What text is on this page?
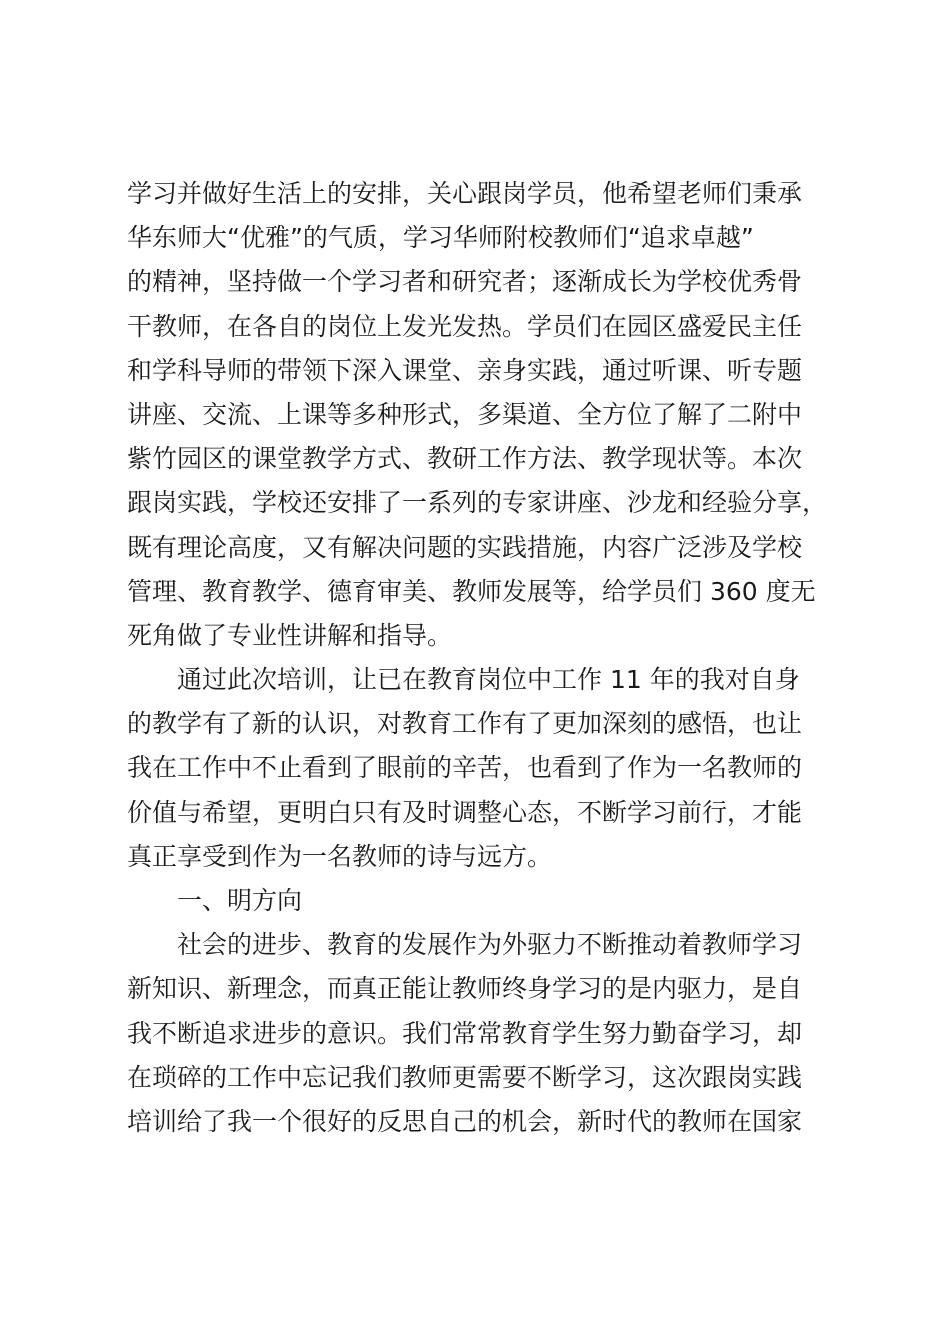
学习并做好生活上的安排，关心跟岗学员，他希望老师们秉承
华东师大“优雅”的气质，学习华师附校教师们“追求卓越”
的精神，坚持做一个学习者和研究者；逐渐成长为学校优秀骨
干教师，在各自的岗位上发光发热。学员们在园区盛爱民主任
和学科导师的带领下深入课堂、亲身实践，通过听课、听专题
讲座、交流、上课等多种形式，多渠道、全方位了解了二附中
紫竹园区的课堂教学方式、教研工作方法、教学现状等。本次
跟岗实践，学校还安排了一系列的专家讲座、沙龙和经验分享，
既有理论高度，又有解决问题的实践措施，内容广泛涉及学校
管理、教育教学、德育审美、教师发展等，给学员们 360 度无
死角做了专业性讲解和指导。
通过此次培训，让已在教育岗位中工作 11 年的我对自身
的教学有了新的认识，对教育工作有了更加深刻的感悟，也让
我在工作中不止看到了眼前的辛苦，也看到了作为一名教师的
价值与希望，更明白只有及时调整心态，不断学习前行，才能
真正享受到作为一名教师的诗与远方。
一、明方向
社会的进步、教育的发展作为外驱力不断推动着教师学习
新知识、新理念，而真正能让教师终身学习的是内驱力，是自
我不断追求进步的意识。我们常常教育学生努力勤奋学习，却
在琐碎的工作中忘记我们教师更需要不断学习，这次跟岗实践
培训给了我一个很好的反思自己的机会，新时代的教师在国家
